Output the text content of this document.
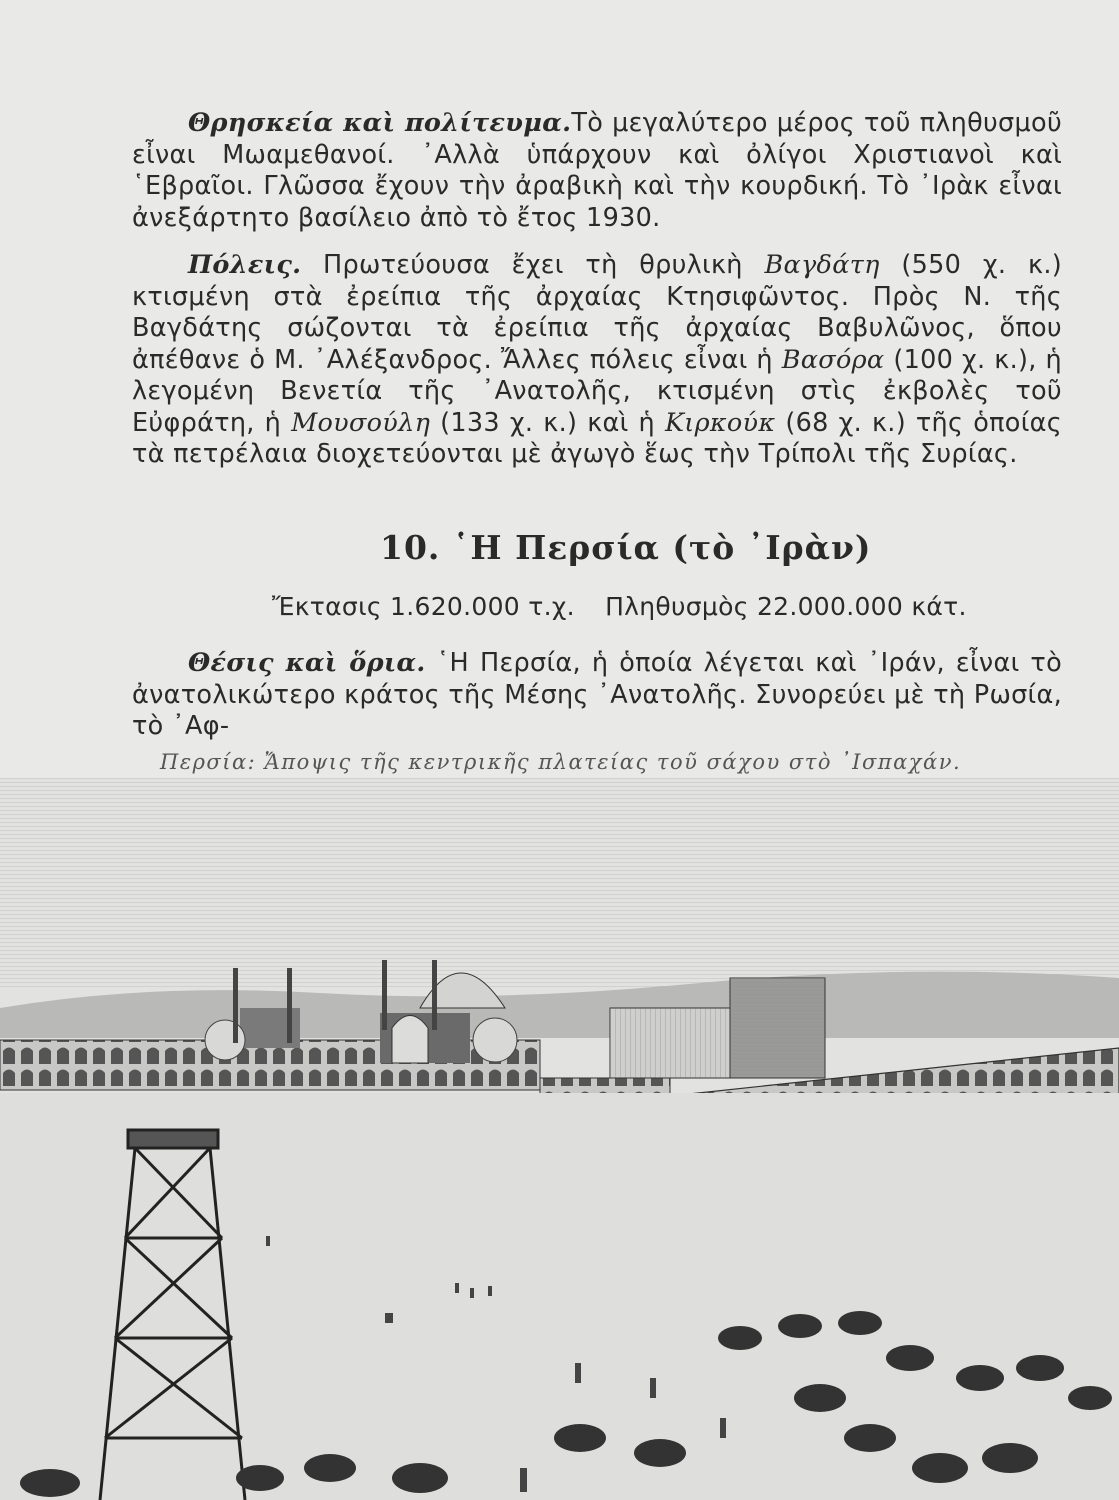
Θρησκεία καὶ πολίτευμα.Τὸ μεγαλύτερο μέρος τοῦ πληθυσμοῦ εἶναι Μωαμεθανοί. ᾽Αλλὰ ὑπάρχουν καὶ ὀλίγοι Χριστιανοὶ καὶ ῾Εβραῖοι. Γλῶσσα ἔχουν τὴν ἀραβικὴ καὶ τὴν κουρδική. Τὸ ᾽Ιρὰκ εἶναι ἀνεξάρτητο βασίλειο ἀπὸ τὸ ἔτος 1930.

Πόλεις. Πρωτεύουσα ἔχει τὴ θρυλικὴ Βαγδάτη (550 χ. κ.) κτισμένη στὰ ἐρείπια τῆς ἀρχαίας Κτησιφῶντος. Πρὸς Ν. τῆς Βαγδάτης σώζονται τὰ ἐρείπια τῆς ἀρχαίας Βαβυλῶνος, ὅπου ἀπέθανε ὁ Μ. ᾽Αλέξανδρος. Ἄλλες πόλεις εἶναι ἡ Βασόρα (100 χ. κ.), ἡ λεγομένη Βενετία τῆς ᾽Ανατολῆς, κτισμένη στὶς ἐκβολὲς τοῦ Εὐφράτη, ἡ Μουσούλη (133 χ. κ.) καὶ ἡ Κιρκούκ (68 χ. κ.) τῆς ὁποίας τὰ πετρέλαια διοχετεύονται μὲ ἀγωγὸ ἕως τὴν Τρίπολι τῆς Συρίας.

10. ῾Η Περσία (τὸ ᾽Ιρὰν)
Ἔκτασις 1.620.000 τ.χ. Πληθυσμὸς 22.000.000 κάτ.

Θέσις καὶ ὅρια. ῾Η Περσία, ἡ ὁποία λέγεται καὶ ᾽Ιράν, εἶναι τὸ ἀνατολικώτερο κράτος τῆς Μέσης ᾽Ανατολῆς. Συνορεύει μὲ τὴ Ρωσία, τὸ ᾽Αφ-

Περσία: Ἄποψις τῆς κεντρικῆς πλατείας τοῦ σάχου στὸ ᾽Ισπαχάν.
